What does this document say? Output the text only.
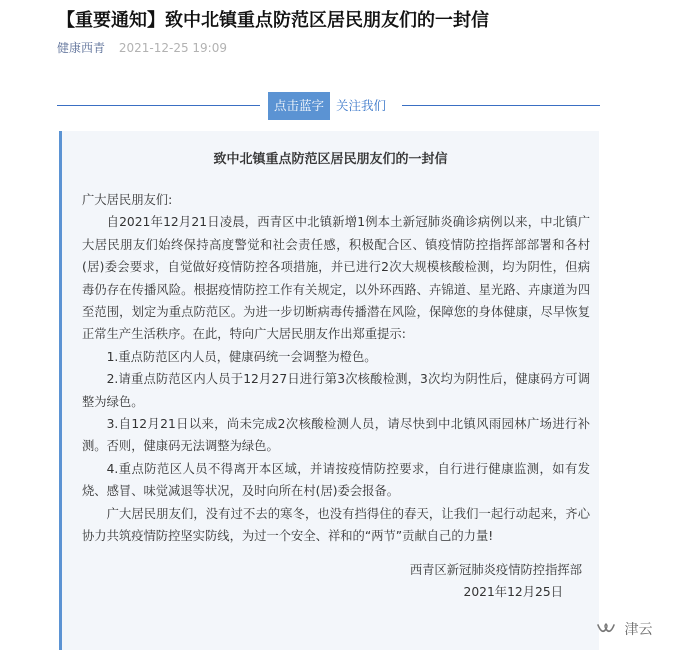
【重要通知】致中北镇重点防范区居民朋友们的一封信
健康西青 2021-12-25 19:09
点击蓝字 关注我们
致中北镇重点防范区居民朋友们的一封信

广大居民朋友们:

自2021年12月21日凌晨，西青区中北镇新增1例本土新冠肺炎确诊病例以来，中北镇广大居民朋友们始终保持高度警觉和社会责任感，积极配合区、镇疫情防控指挥部部署和各村(居)委会要求，自觉做好疫情防控各项措施，并已进行2次大规模核酸检测，均为阴性，但病毒仍存在传播风险。根据疫情防控工作有关规定，以外环西路、卉锦道、星光路、卉康道为四至范围，划定为重点防范区。为进一步切断病毒传播潜在风险，保障您的身体健康，尽早恢复正常生产生活秩序。在此，特向广大居民朋友作出郑重提示:

1.重点防范区内人员，健康码统一会调整为橙色。

2.请重点防范区内人员于12月27日进行第3次核酸检测，3次均为阴性后，健康码方可调整为绿色。

3.自12月21日以来，尚未完成2次核酸检测人员，请尽快到中北镇风雨园林广场进行补测。否则，健康码无法调整为绿色。

4.重点防范区人员不得离开本区域，并请按疫情防控要求，自行进行健康监测，如有发烧、感冒、味觉减退等状况，及时向所在村(居)委会报备。

广大居民朋友们，没有过不去的寒冬，也没有挡得住的春天，让我们一起行动起来，齐心协力共筑疫情防控坚实防线，为过一个安全、祥和的“两节”贡献自己的力量!

西青区新冠肺炎疫情防控指挥部

2021年12月25日

津云
